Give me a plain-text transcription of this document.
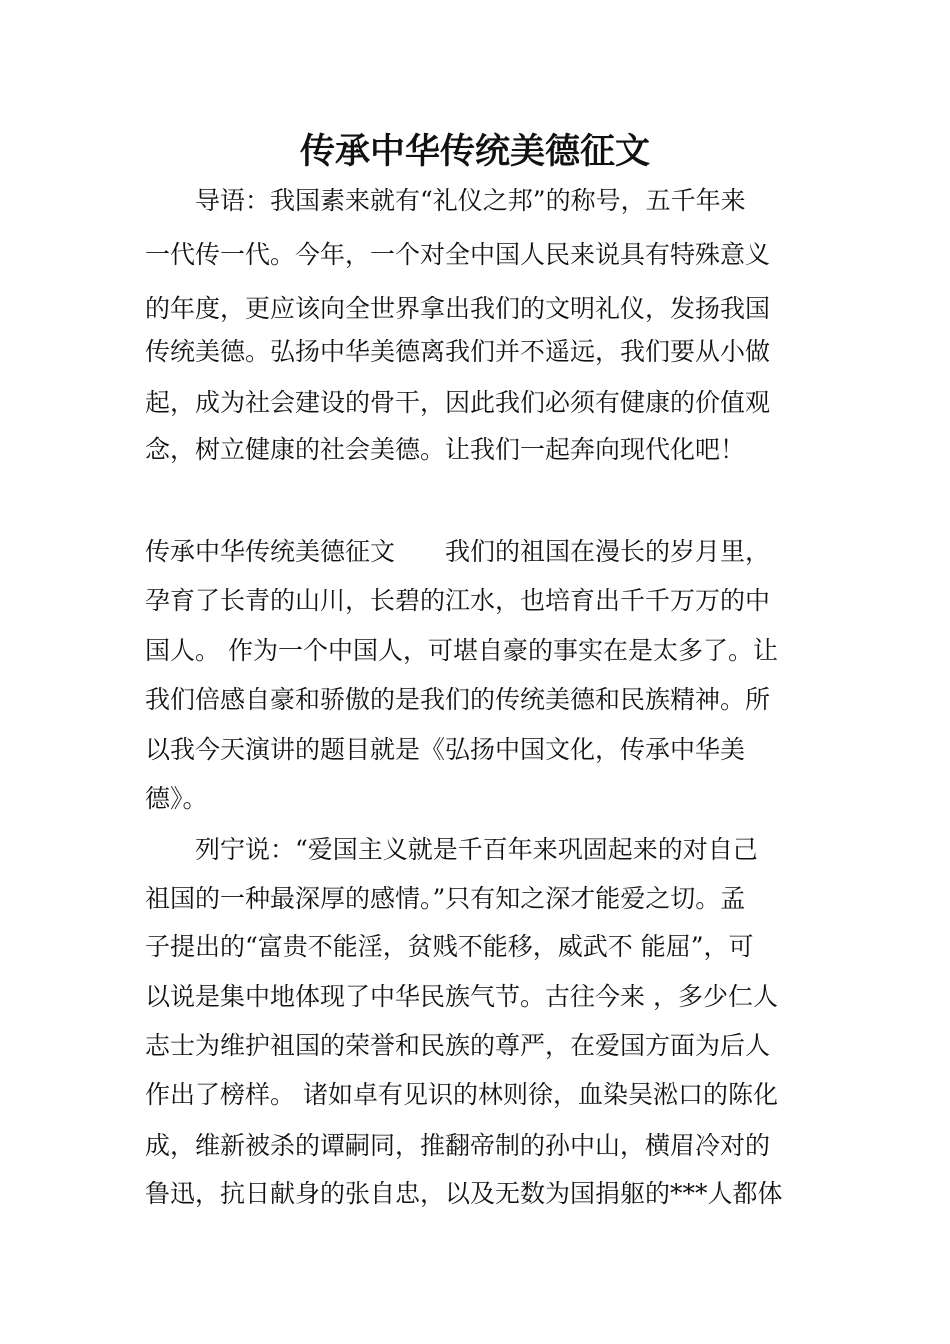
传承中华传统美德征文
　　导语：我国素来就有“礼仪之邦”的称号，五千年来
一代传一代。今年，一个对全中国人民来说具有特殊意义
的年度，更应该向全世界拿出我们的文明礼仪，发扬我国
传统美德。弘扬中华美德离我们并不遥远，我们要从小做
起，成为社会建设的骨干，因此我们必须有健康的价值观
念，树立健康的社会美德。让我们一起奔向现代化吧！
传承中华传统美德征文　　我们的祖国在漫长的岁月里，
孕育了长青的山川，长碧的江水，也培育出千千万万的中
国人。 作为一个中国人，可堪自豪的事实在是太多了。让
我们倍感自豪和骄傲的是我们的传统美德和民族精神。所
以我今天演讲的题目就是《弘扬中国文化，传承中华美
德》。
　　列宁说：“爱国主义就是千百年来巩固起来的对自己
祖国的一种最深厚的感情。”只有知之深才能爱之切。孟
子提出的“富贵不能淫，贫贱不能移，威武不 能屈”，可
以说是集中地体现了中华民族气节。古往今来 ，多少仁人
志士为维护祖国的荣誉和民族的尊严，在爱国方面为后人
作出了榜样。 诸如卓有见识的林则徐，血染吴淞口的陈化
成，维新被杀的谭嗣同，推翻帝制的孙中山，横眉冷对的
鲁迅，抗日献身的张自忠，以及无数为国捐躯的***人都体
